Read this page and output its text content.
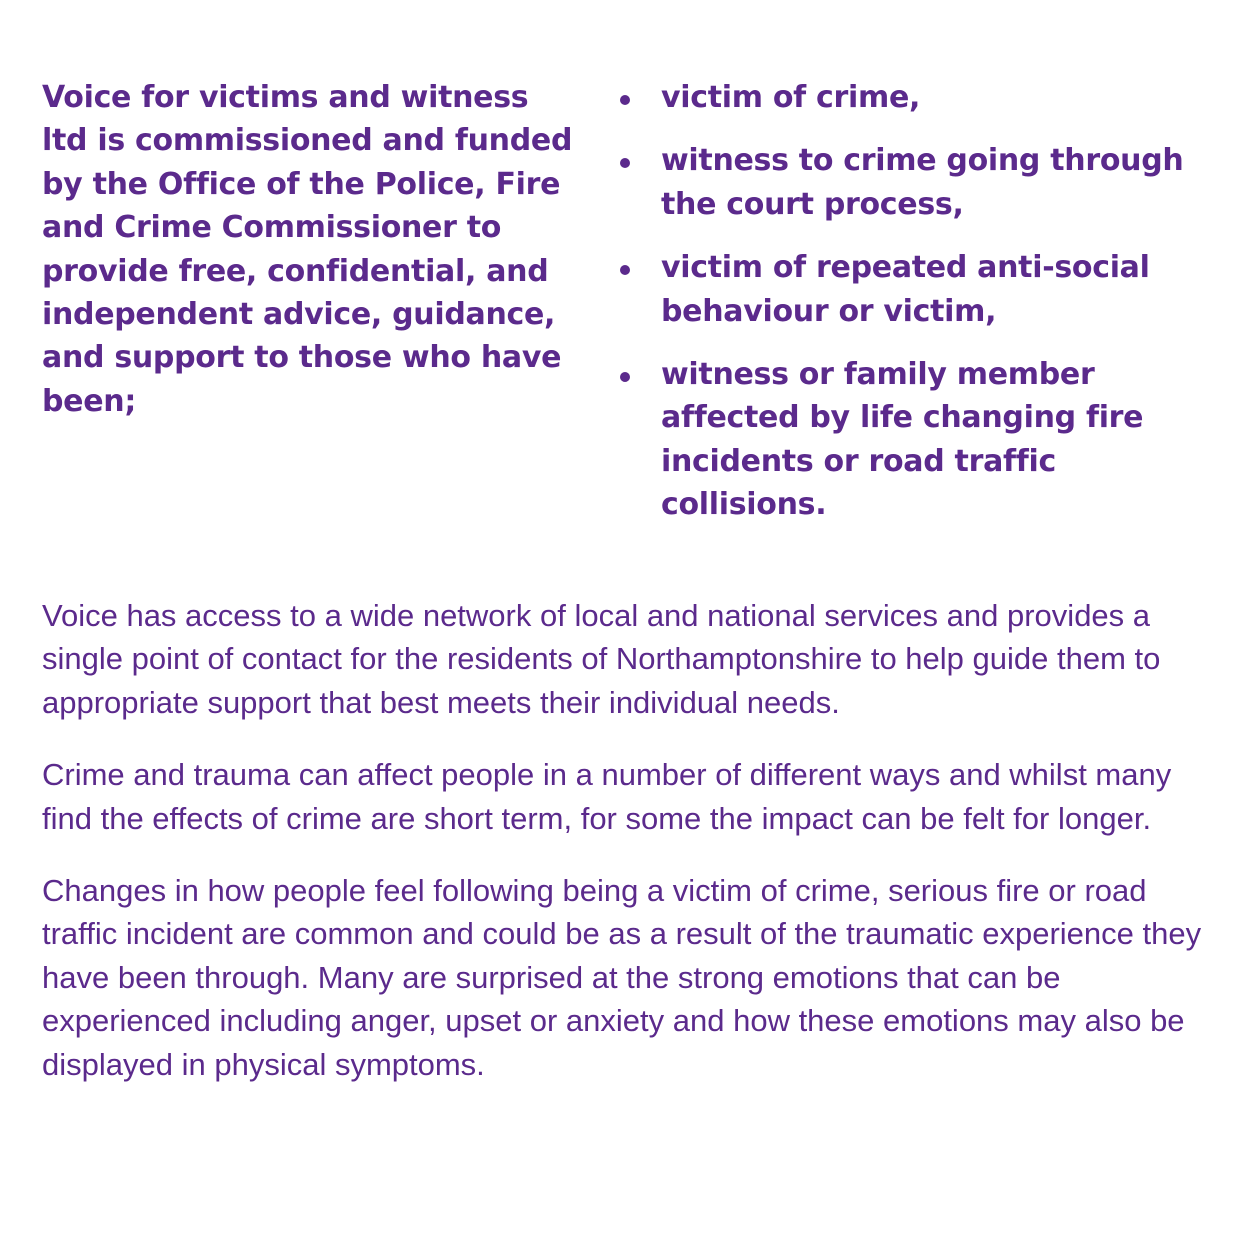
Voice for victims and witness ltd is commissioned and funded by the Office of the Police, Fire and Crime Commissioner to provide free, confidential, and independent advice, guidance, and support to those who have been;

victim of crime,
witness to crime going through the court process,
victim of repeated anti-social behaviour or victim,
witness or family member affected by life changing fire incidents or road traffic collisions.

Voice has access to a wide network of local and national services and provides a single point of contact for the residents of Northamptonshire to help guide them to appropriate support that best meets their individual needs.

Crime and trauma can affect people in a number of different ways and whilst many find the effects of crime are short term, for some the impact can be felt for longer.

Changes in how people feel following being a victim of crime, serious fire or road traffic incident are common and could be as a result of the traumatic experience they have been through. Many are surprised at the strong emotions that can be experienced including anger, upset or anxiety and how these emotions may also be displayed in physical symptoms.
